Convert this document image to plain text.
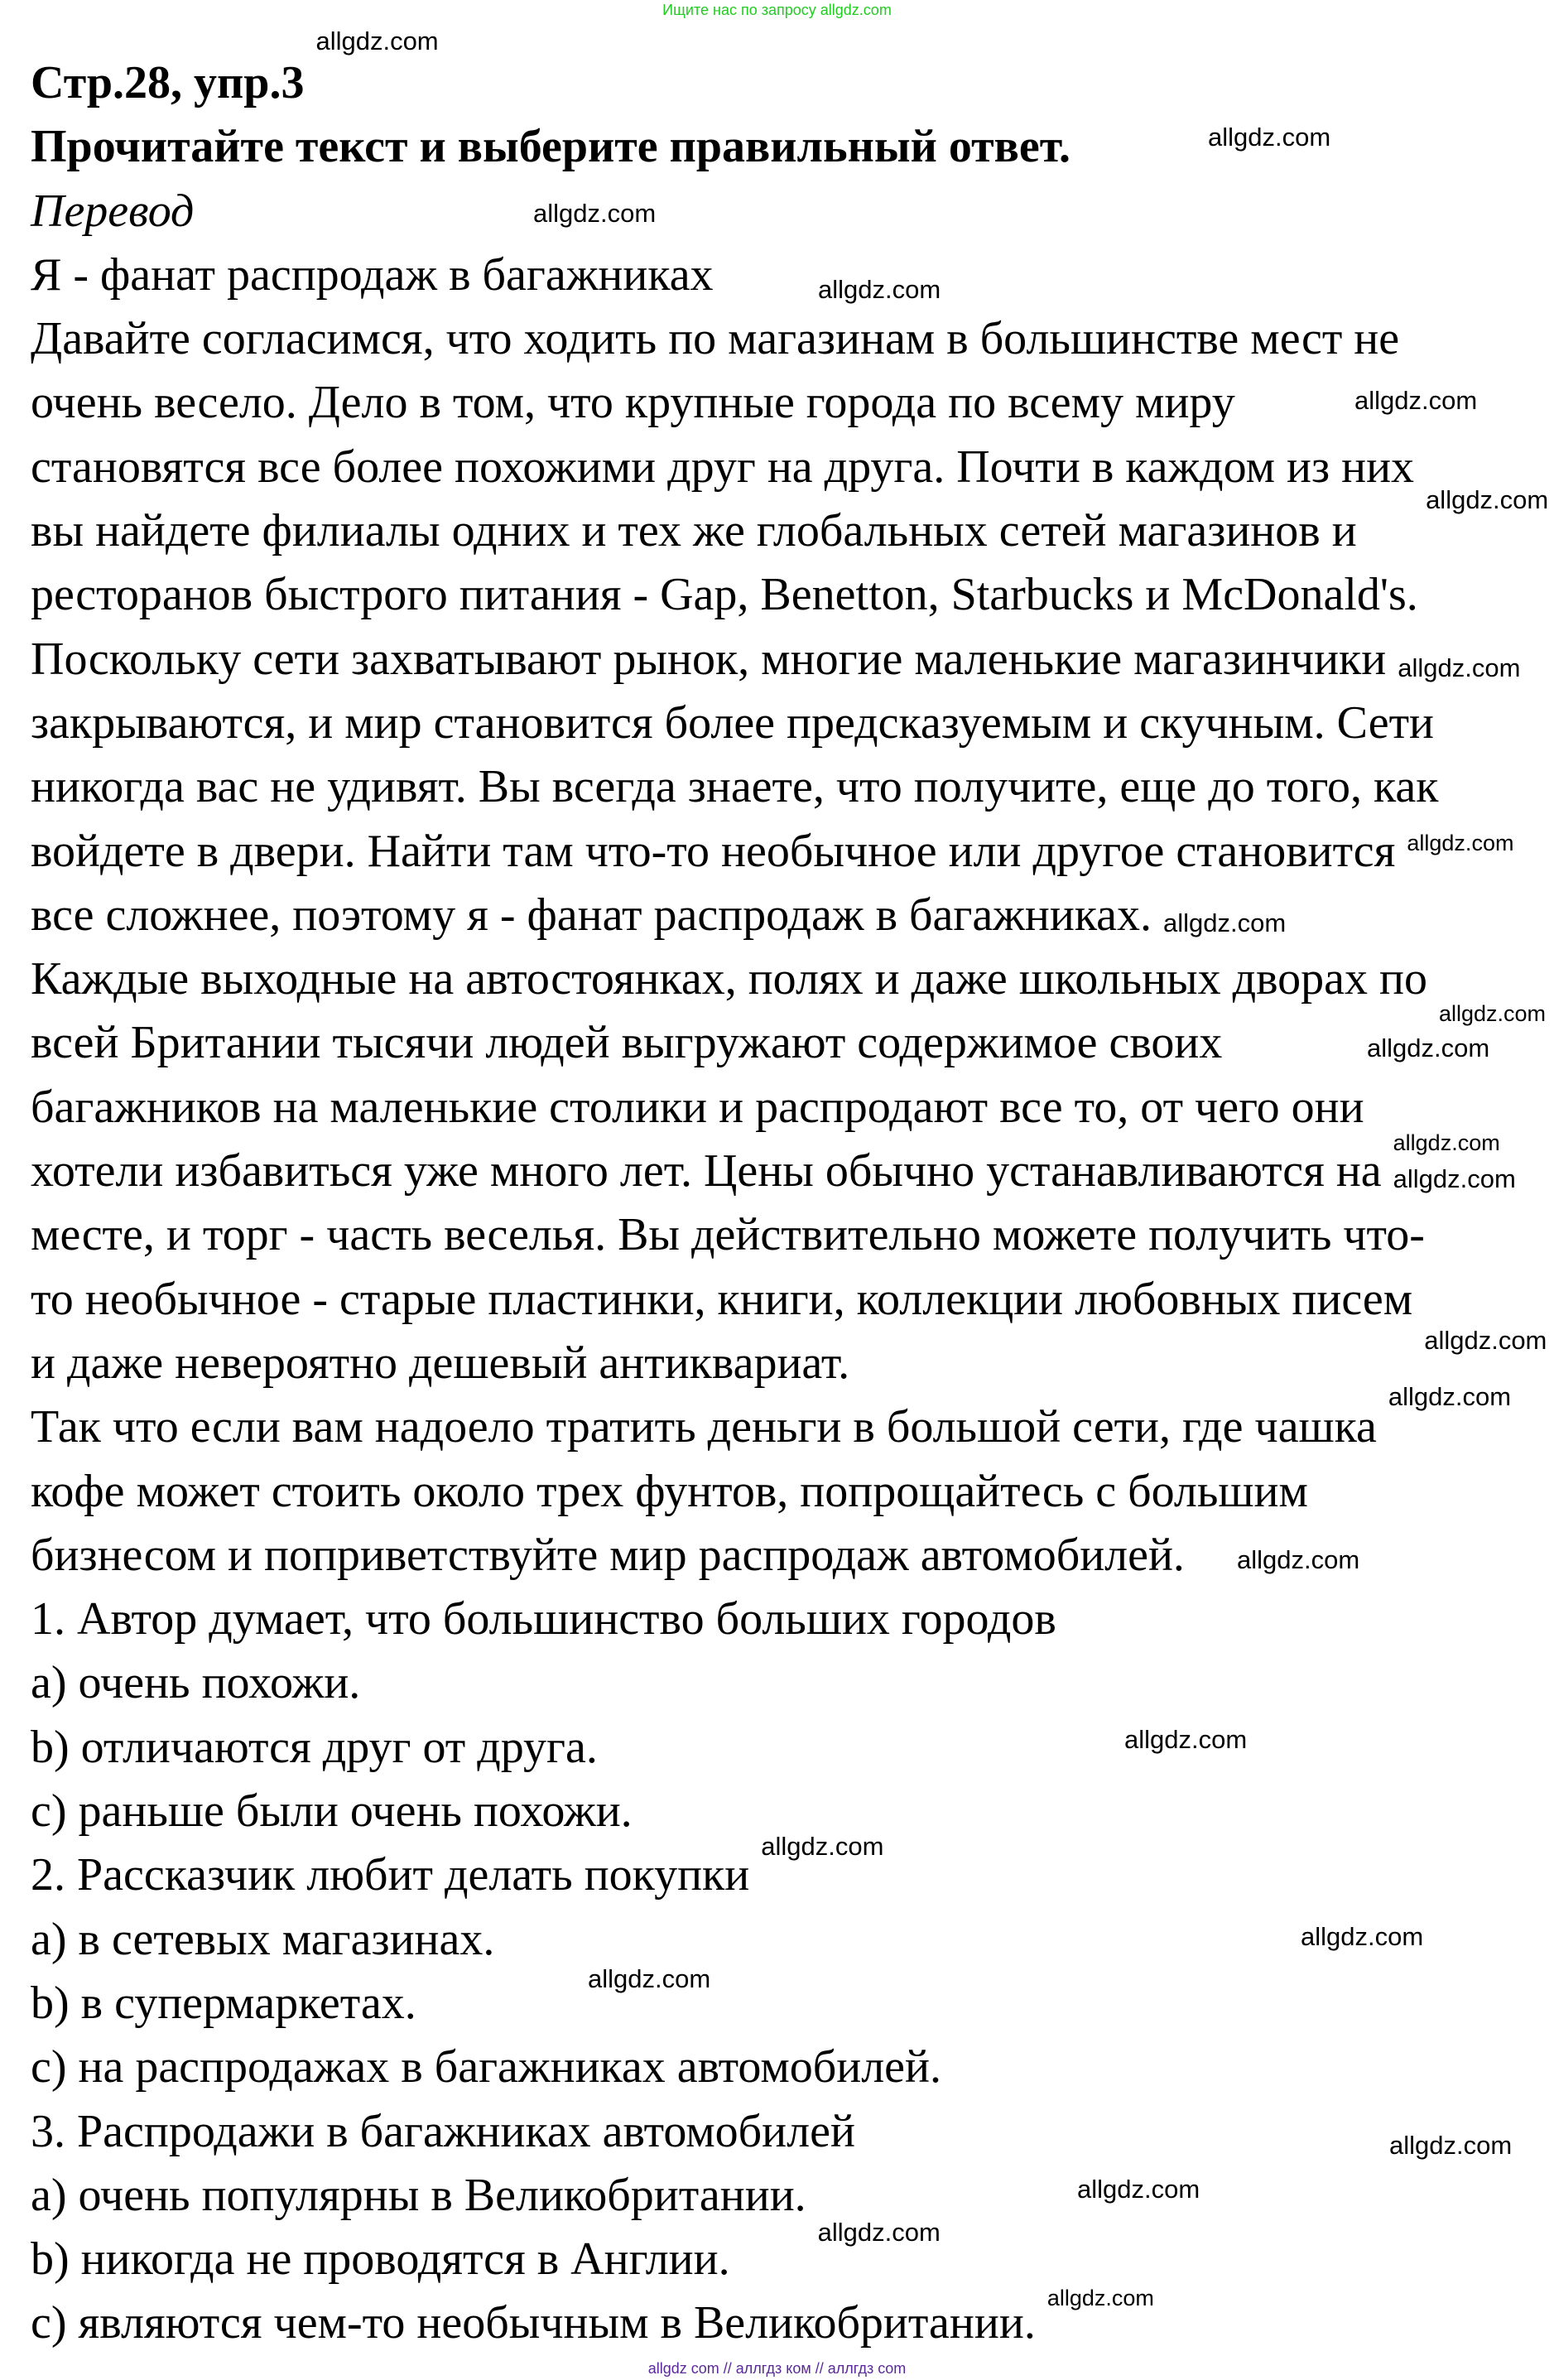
Ищите нас по запросу allgdz.com
Стр.28, упр.3
Прочитайте текст и выберите правильный ответ.
Перевод
Я - фанат распродаж в багажниках
Давайте согласимся, что ходить по магазинам в большинстве мест не
очень весело. Дело в том, что крупные города по всему миру
становятся все более похожими друг на друга. Почти в каждом из них
вы найдете филиалы одних и тех же глобальных сетей магазинов и
ресторанов быстрого питания - Gap, Benetton, Starbucks и McDonald's.
Поскольку сети захватывают рынок, многие маленькие магазинчики
закрываются, и мир становится более предсказуемым и скучным. Сети
никогда вас не удивят. Вы всегда знаете, что получите, еще до того, как
войдете в двери. Найти там что-то необычное или другое становится
все сложнее, поэтому я - фанат распродаж в багажниках.
Каждые выходные на автостоянках, полях и даже школьных дворах по
всей Британии тысячи людей выгружают содержимое своих
багажников на маленькие столики и распродают все то, от чего они
хотели избавиться уже много лет. Цены обычно устанавливаются на
месте, и торг - часть веселья. Вы действительно можете получить что-
то необычное - старые пластинки, книги, коллекции любовных писем
и даже невероятно дешевый антиквариат.
Так что если вам надоело тратить деньги в большой сети, где чашка
кофе может стоить около трех фунтов, попрощайтесь с большим
бизнесом и поприветствуйте мир распродаж автомобилей.
1. Автор думает, что большинство больших городов
a) очень похожи.
b) отличаются друг от друга.
c) раньше были очень похожи.
2. Рассказчик любит делать покупки
a) в сетевых магазинах.
b) в супермаркетах.
c) на распродажах в багажниках автомобилей.
3. Распродажи в багажниках автомобилей
a) очень популярны в Великобритании.
b) никогда не проводятся в Англии.
c) являются чем-то необычным в Великобритании.
allgdz.com
allgdz.com
allgdz.com
allgdz.com
allgdz.com
allgdz.com
allgdz.com
allgdz.com
allgdz.com
allgdz.com
allgdz.com
allgdz.com
allgdz.com
allgdz.com
allgdz.com
allgdz.com
allgdz.com
allgdz.com
allgdz.com
allgdz.com
allgdz.com
allgdz.com
allgdz.com
allgdz.com
allgdz com // аллгдз ком // аллгдз com
